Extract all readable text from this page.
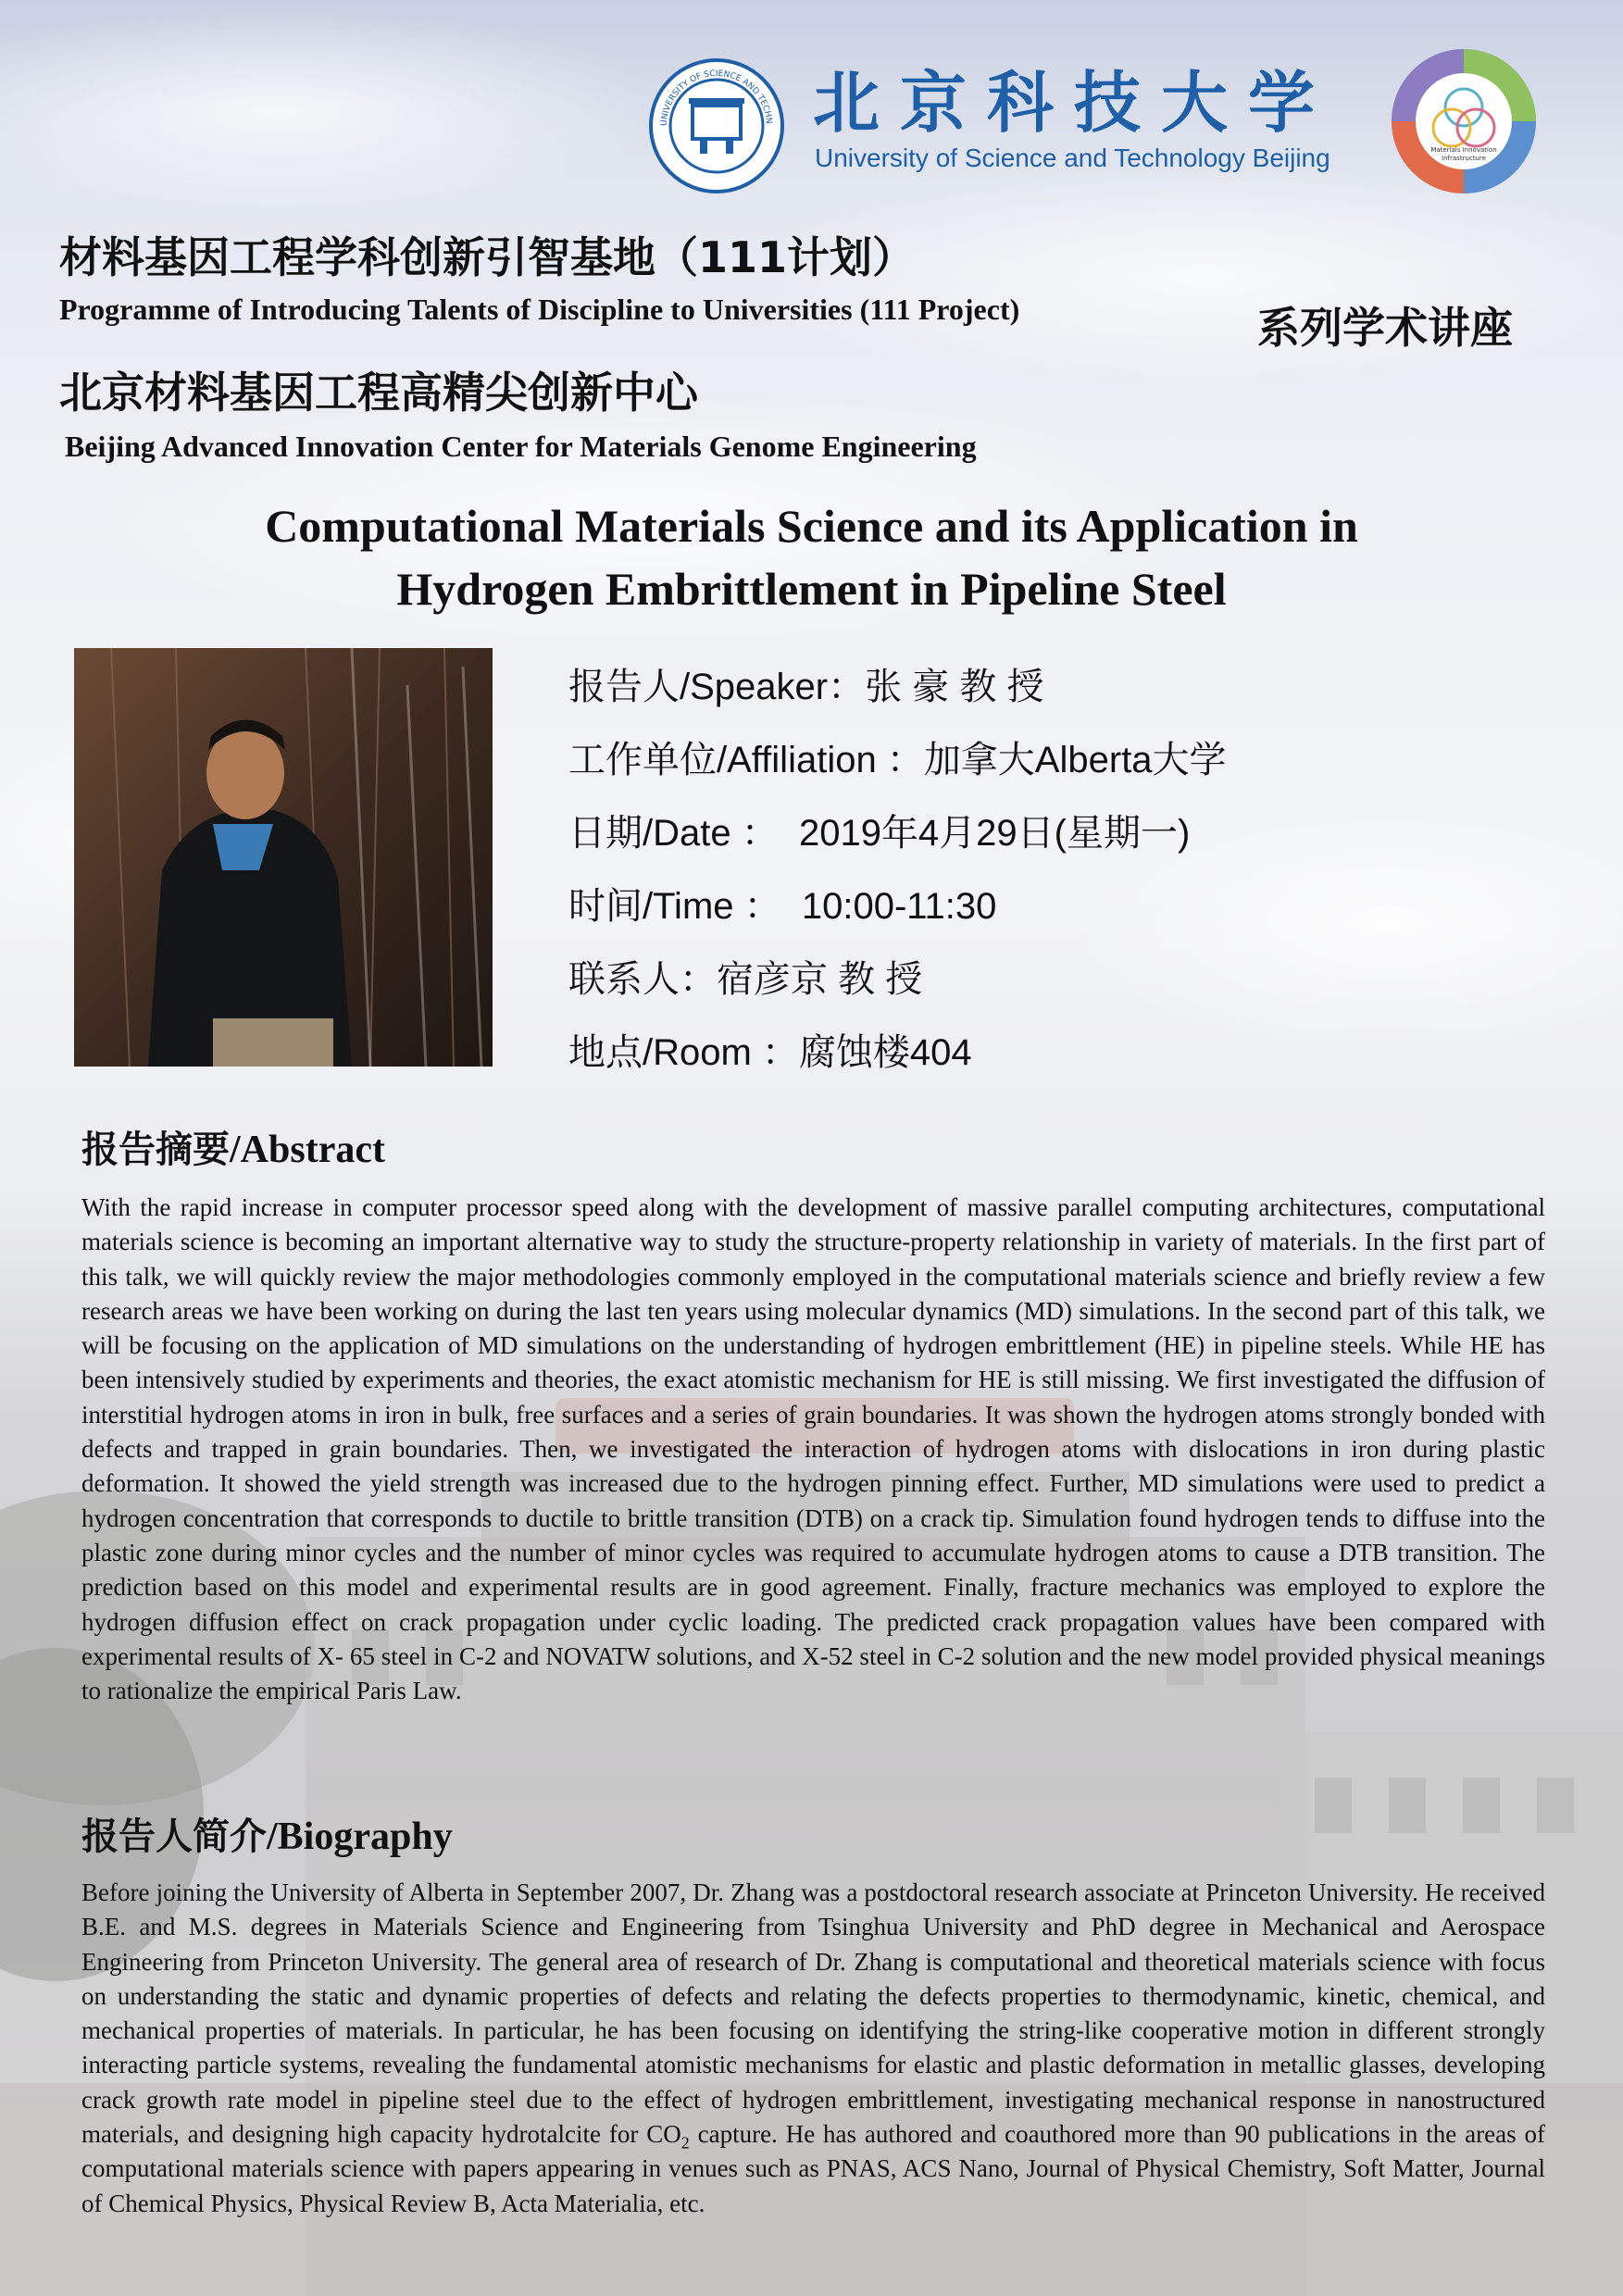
UNIVERSITY OF SCIENCE AND TECHN 北京科技大学
University of Science and Technology Beijing	Materials Innovation Infrastructure
材料基因工程学科创新引智基地（111计划）
Programme of Introducing Talents of Discipline to Universities (111 Project)	系列学术讲座
北京材料基因工程高精尖创新中心
Beijing Advanced Innovation Center for Materials Genome Engineering
Computational Materials Science and its Application in
Hydrogen Embrittlement in Pipeline Steel
报告人/Speaker：张 豪 教 授
工作单位/Affiliation ：加拿大Alberta大学
日期/Date ：  2019年4月29日(星期一)
时间/Time ：  10:00-11:30
联系人：宿彦京 教 授
地点/Room ：腐蚀楼404
报告摘要/Abstract
With the rapid increase in computer processor speed along with the development of massive parallel computing architectures, computational materials science is becoming an important alternative way to study the structure-property relationship in variety of materials. In the first part of this talk, we will quickly review the major methodologies commonly employed in the computational materials science and briefly review a few research areas we have been working on during the last ten years using molecular dynamics (MD) simulations. In the second part of this talk, we will be focusing on the application of MD simulations on the understanding of hydrogen embrittlement (HE) in pipeline steels. While HE has been intensively studied by experiments and theories, the exact atomistic mechanism for HE is still missing. We first investigated the diffusion of interstitial hydrogen atoms in iron in bulk, free surfaces and a series of grain boundaries. It was shown the hydrogen atoms strongly bonded with defects and trapped in grain boundaries. Then, we investigated the interaction of hydrogen atoms with dislocations in iron during plastic deformation. It showed the yield strength was increased due to the hydrogen pinning effect. Further, MD simulations were used to predict a hydrogen concentration that corresponds to ductile to brittle transition (DTB) on a crack tip. Simulation found hydrogen tends to diffuse into the plastic zone during minor cycles and the number of minor cycles was required to accumulate hydrogen atoms to cause a DTB transition. The prediction based on this model and experimental results are in good agreement. Finally, fracture mechanics was employed to explore the hydrogen diffusion effect on crack propagation under cyclic loading. The predicted crack propagation values have been compared with experimental results of X- 65 steel in C-2 and NOVATW solutions, and X-52 steel in C-2 solution and the new model provided physical meanings to rationalize the empirical Paris Law.
报告人简介/Biography
Before joining the University of Alberta in September 2007, Dr. Zhang was a postdoctoral research associate at Princeton University. He received B.E. and M.S. degrees in Materials Science and Engineering from Tsinghua University and PhD degree in Mechanical and Aerospace Engineering from Princeton University. The general area of research of Dr. Zhang is computational and theoretical materials science with focus on understanding the static and dynamic properties of defects and relating the defects properties to thermodynamic, kinetic, chemical, and mechanical properties of materials. In particular, he has been focusing on identifying the string-like cooperative motion in different strongly interacting particle systems, revealing the fundamental atomistic mechanisms for elastic and plastic deformation in metallic glasses, developing crack growth rate model in pipeline steel due to the effect of hydrogen embrittlement, investigating mechanical response in nanostructured materials, and designing high capacity hydrotalcite for $CO_2$ capture. He has authored and coauthored more than 90 publications in the areas of computational materials science with papers appearing in venues such as PNAS, ACS Nano, Journal of Physical Chemistry, Soft Matter, Journal of Chemical Physics, Physical Review B, Acta Materialia, etc.
